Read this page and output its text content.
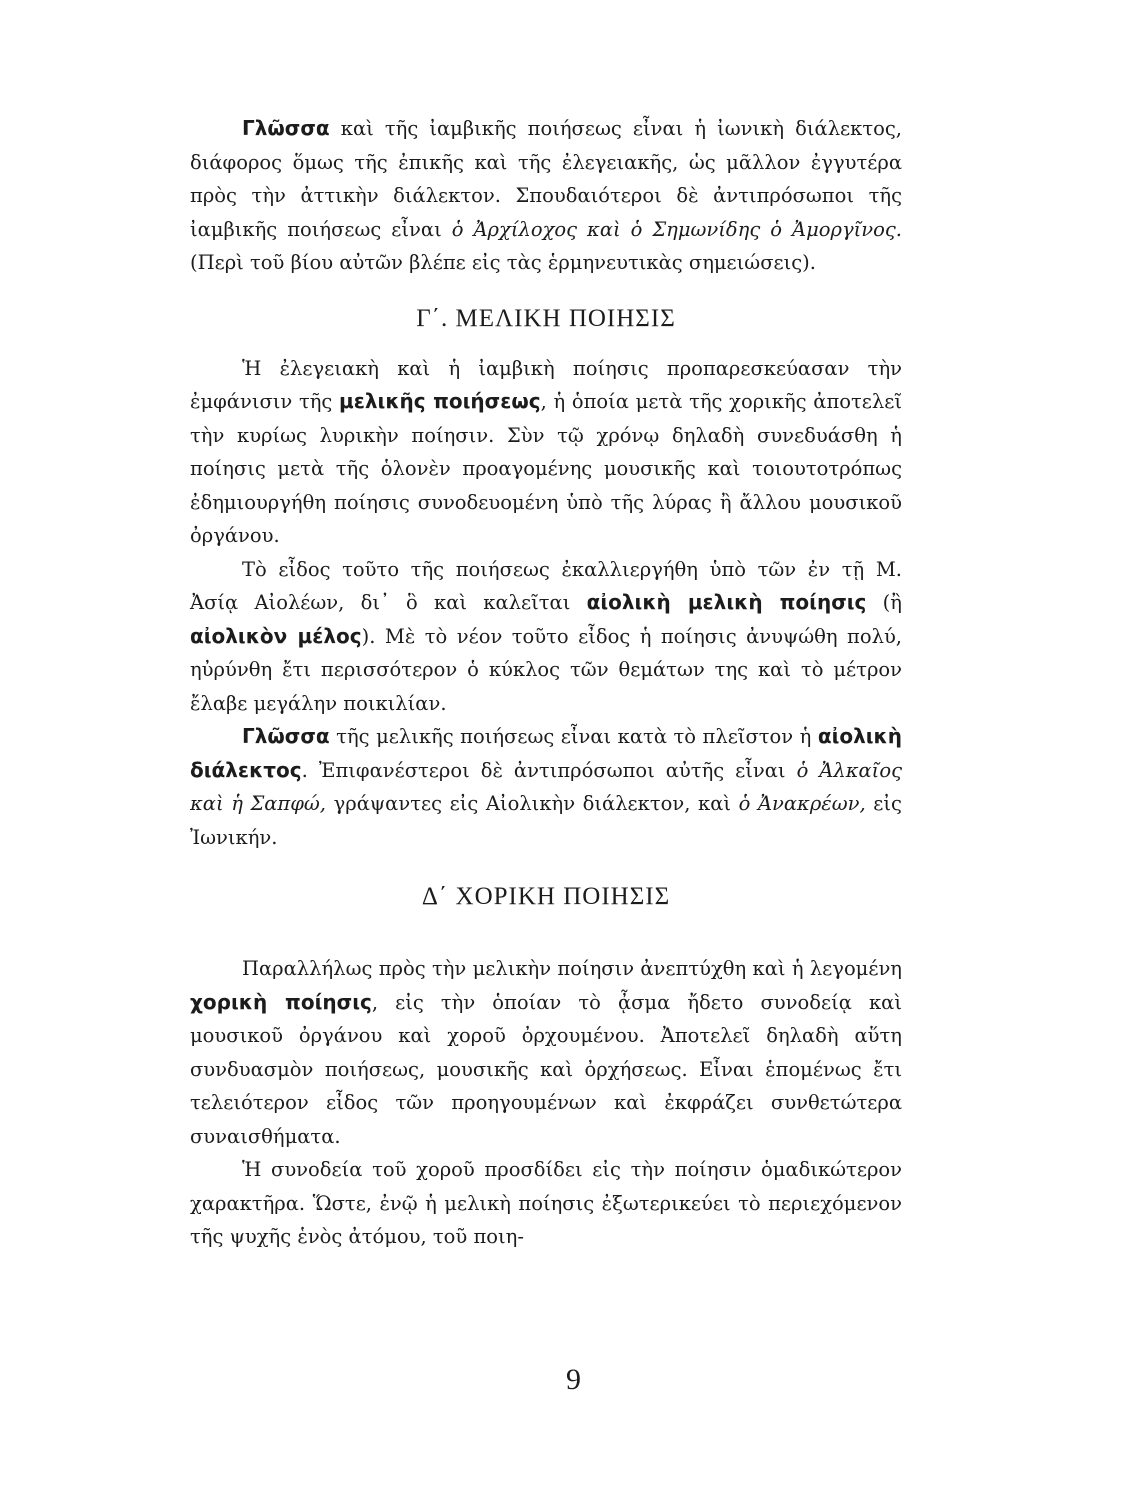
Γλῶσσα καὶ τῆς ἰαμβικῆς ποιήσεως εἶναι ἡ ἰωνικὴ διάλεκτος, διάφορος ὅμως τῆς ἐπικῆς καὶ τῆς ἐλεγειακῆς, ὡς μᾶλλον ἐγγυτέρα πρὸς τὴν ἀττικὴν διάλεκτον. Σπουδαιότεροι δὲ ἀντιπρόσωποι τῆς ἰαμβικῆς ποιήσεως εἶναι ὁ Ἀρχίλοχος καὶ ὁ Σημωνίδης ὁ Ἀμοργῖνος. (Περὶ τοῦ βίου αὐτῶν βλέπε εἰς τὰς ἑρμηνευτικὰς σημειώσεις).

Γ΄. ΜΕΛΙΚΗ ΠΟΙΗΣΙΣ

Ἡ ἐλεγειακὴ καὶ ἡ ἰαμβικὴ ποίησις προπαρεσκεύασαν τὴν ἐμφάνισιν τῆς μελικῆς ποιήσεως, ἡ ὁποία μετὰ τῆς χορικῆς ἀποτελεῖ τὴν κυρίως λυρικὴν ποίησιν. Σὺν τῷ χρόνῳ δηλαδὴ συνεδυάσθη ἡ ποίησις μετὰ τῆς ὁλονὲν προαγομένης μουσικῆς καὶ τοιουτοτρόπως ἐδημιουργήθη ποίησις συνοδευομένη ὑπὸ τῆς λύρας ἢ ἄλλου μουσικοῦ ὀργάνου.

Τὸ εἶδος τοῦτο τῆς ποιήσεως ἐκαλλιεργήθη ὑπὸ τῶν ἐν τῇ Μ. Ἀσίᾳ Αἰολέων, δι᾽ ὃ καὶ καλεῖται αἰολικὴ μελικὴ ποίησις (ἢ αἰολικὸν μέλος). Μὲ τὸ νέον τοῦτο εἶδος ἡ ποίησις ἀνυψώθη πολύ, ηὐρύνθη ἔτι περισσότερον ὁ κύκλος τῶν θεμάτων της καὶ τὸ μέτρον ἔλαβε μεγάλην ποικιλίαν.

Γλῶσσα τῆς μελικῆς ποιήσεως εἶναι κατὰ τὸ πλεῖστον ἡ αἰολικὴ διάλεκτος. Ἐπιφανέστεροι δὲ ἀντιπρόσωποι αὐτῆς εἶναι ὁ Ἀλκαῖος καὶ ἡ Σαπφώ, γράψαντες εἰς Αἰολικὴν διάλεκτον, καὶ ὁ Ἀνακρέων, εἰς Ἰωνικήν.

Δ΄ ΧΟΡΙΚΗ ΠΟΙΗΣΙΣ

Παραλλήλως πρὸς τὴν μελικὴν ποίησιν ἀνεπτύχθη καὶ ἡ λεγομένη χορικὴ ποίησις, εἰς τὴν ὁποίαν τὸ ᾆσμα ἤδετο συνοδείᾳ καὶ μουσικοῦ ὀργάνου καὶ χοροῦ ὀρχουμένου. Ἀποτελεῖ δηλαδὴ αὕτη συνδυασμὸν ποιήσεως, μουσικῆς καὶ ὀρχήσεως. Εἶναι ἑπομένως ἔτι τελειότερον εἶδος τῶν προηγουμένων καὶ ἐκφράζει συνθετώτερα συναισθήματα.

Ἡ συνοδεία τοῦ χοροῦ προσδίδει εἰς τὴν ποίησιν ὁμαδικώτερον χαρακτῆρα. Ὥστε, ἐνῷ ἡ μελικὴ ποίησις ἐξωτερικεύει τὸ περιεχόμενον τῆς ψυχῆς ἑνὸς ἀτόμου, τοῦ ποιη-

9
